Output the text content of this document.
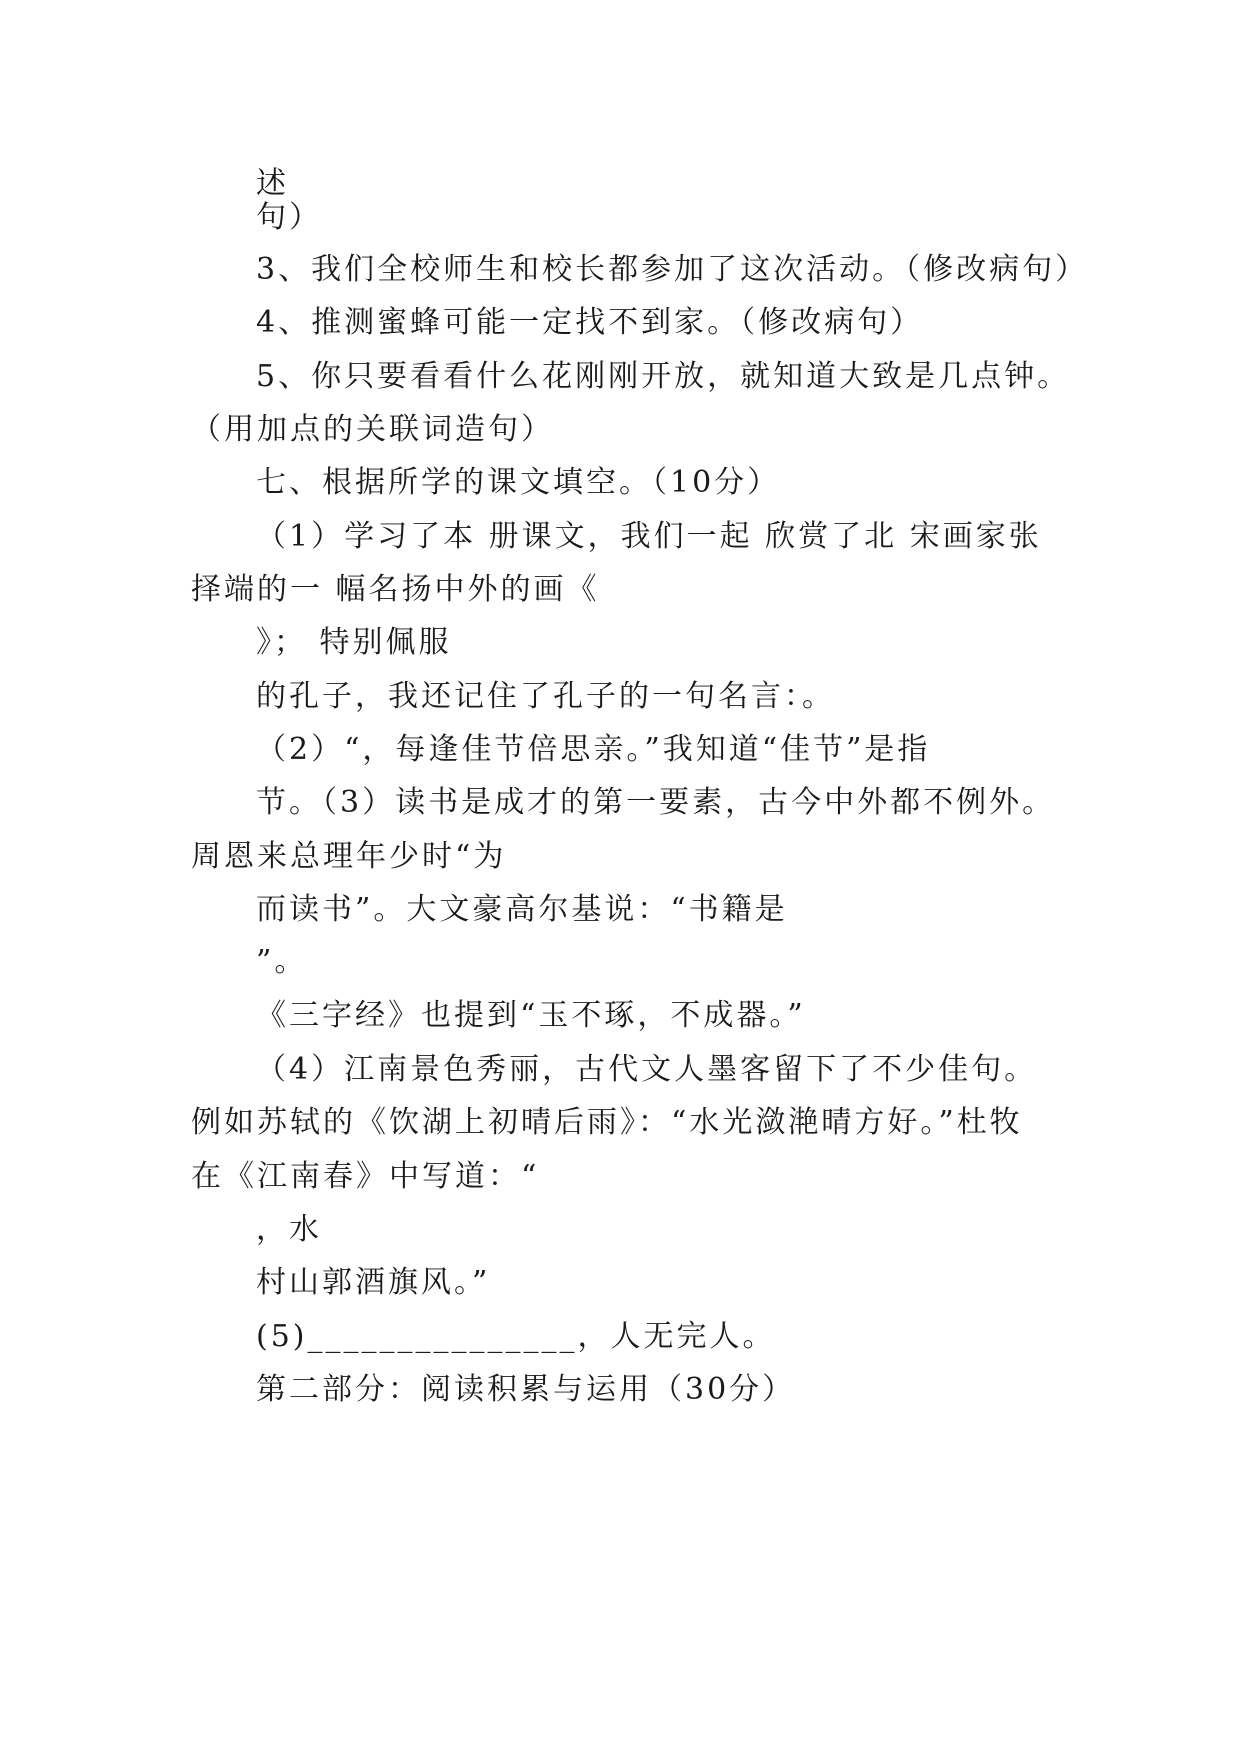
述
句）
3、我们全校师生和校长都参加了这次活动。（修改病句）
4、推测蜜蜂可能一定找不到家。（修改病句）
5、你只要看看什么花刚刚开放，就知道大致是几点钟。
（用加点的关联词造句）
七、根据所学的课文填空。（10分）
（1）学习了本 册课文，我们一起 欣赏了北 宋画家张
择端的一 幅名扬中外的画《
》； 特别佩服
的孔子，我还记住了孔子的一句名言：。
（2）“，每逢佳节倍思亲。”我知道“佳节”是指
节。（3）读书是成才的第一要素，古今中外都不例外。
周恩来总理年少时“为
而读书”。大文豪高尔基说：“书籍是
”。
《三字经》也提到“玉不琢，不成器。”
（4）江南景色秀丽，古代文人墨客留下了不少佳句。
例如苏轼的《饮湖上初晴后雨》：“水光潋滟晴方好。”杜牧
在《江南春》中写道：“
，水
村山郭酒旗风。”
(5)_______________，人无完人。
第二部分：阅读积累与运用（30分）
